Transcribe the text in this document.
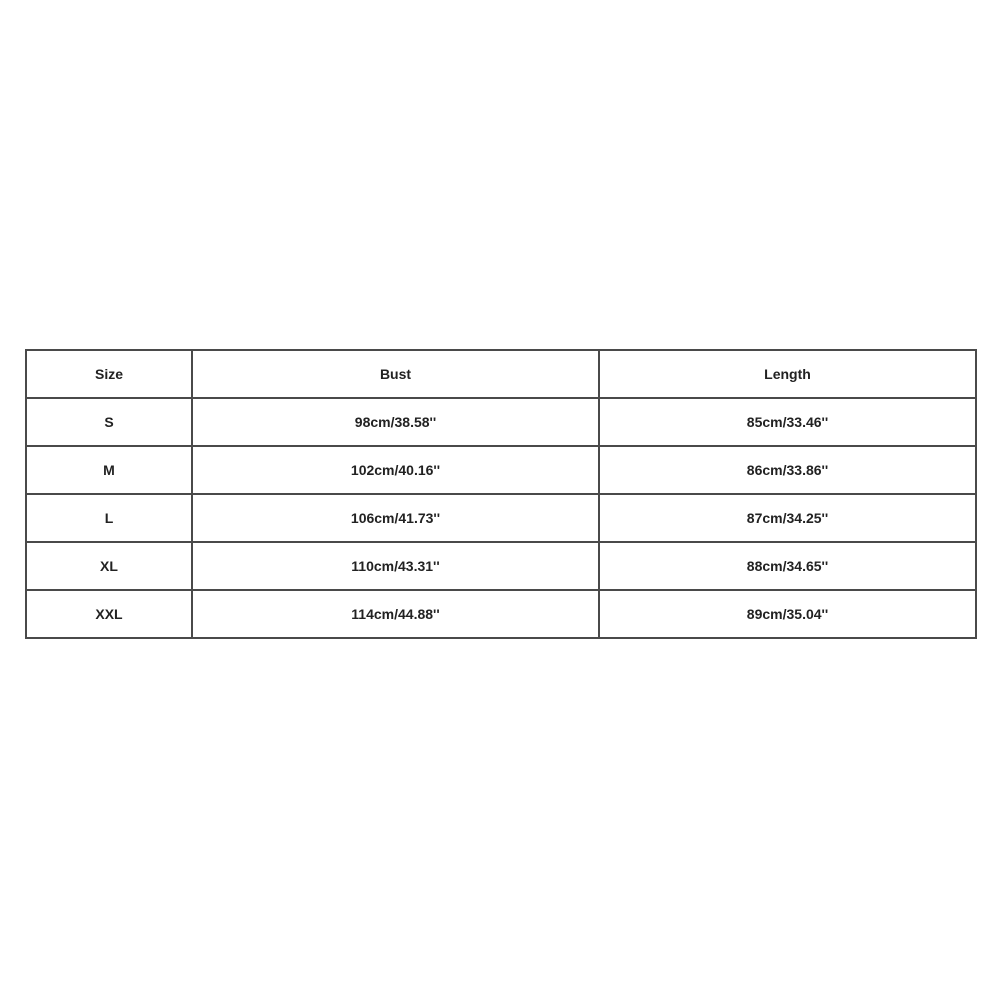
Size	Bust	Length
S	98cm/38.58''	85cm/33.46''
M	102cm/40.16''	86cm/33.86''
L	106cm/41.73''	87cm/34.25''
XL	110cm/43.31''	88cm/34.65''
XXL	114cm/44.88''	89cm/35.04''
